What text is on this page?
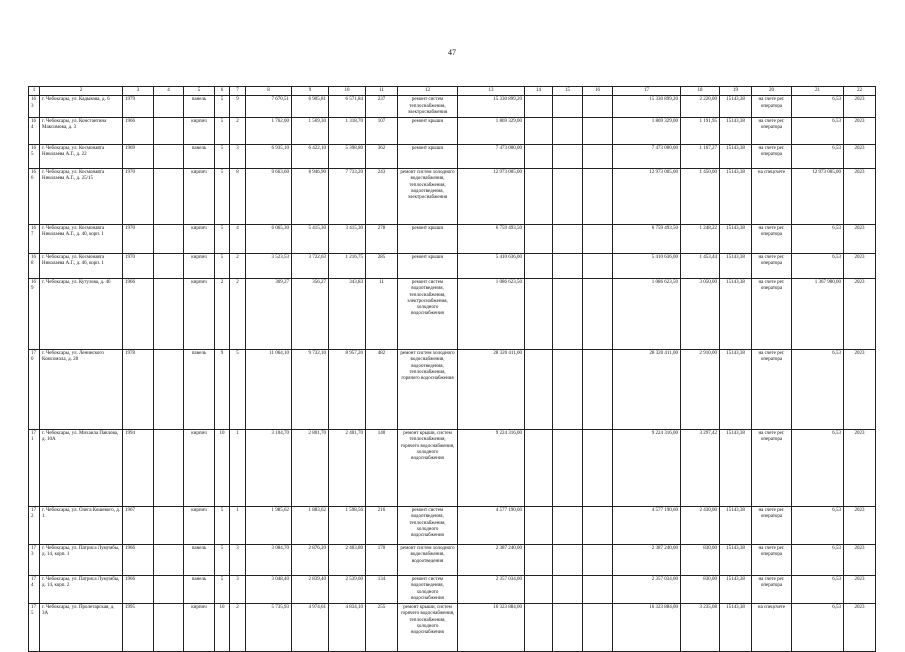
47
1	2	3	4	5	6	7	8	9	10	11	12	13	14	15	16	17	18	19	20	21	22
163	г. Чебоксары, ул. Кадыкова, д. 6	1979		панель	5	9	7 670,51	6 905,81	6 571,84	237	ремонт систем теплоснабжения, электроснабжения	15 330 899,20				15 330 899,20	2 220,00	15143,38	на счете рег. оператора	6,53	2023
164	г. Чебоксары, ул. Константина Максимова, д. 3	1966		кирпич	5	2	1 762,00	1 569,30	1 318,70	107	ремонт крыши	1 869 329,00				1 869 329,00	1 191,95	15143,38	на счете рег. оператора	6,53	2023
165	г. Чебоксары, ул. Космонавта Николаева А.Г., д. 22	1969		панель	5	3	6 935,10	6 422,10	5 398,80	362	ремонт крыши	7 473 000,00				7 473 000,00	1 167,27	15143,38	на счете рег. оператора	6,53	2023
166	г. Чебоксары, ул. Космонавта Николаева А.Г., д. 25/15	1970		кирпич	5	8	9 663,60	8 946,90	7 733,20	243	ремонт систем холодного водоснабжения, теплоснабжения, водоотведения, электроснабжения	12 973 005,00				12 973 005,00	1 450,00	15143,38	на спецсчете	12 973 005,00	2023
167	г. Чебоксары, ул. Космонавта Николаева А.Г., д. 40, корп. 1	1970		кирпич	5	4	6 065,30	5 415,30	3 415,30	278	ремонт крыши	6 759 493,50				6 759 493,50	1 248,22	15143,38	на счете рег. оператора	6,53	2023
168	г. Чебоксары, ул. Космонавта Николаева А.Г., д. 46, корп. 1	1970		кирпич	5	2	3 523,53	3 722,63	1 216,75	285	ремонт крыши	5 410 636,00				5 410 636,00	1 453,44	15143,38	на счете рег. оператора	6,53	2023
169	г. Чебоксары, ул. Кутузова, д. 46	1966		кирпич	2	2	369,27	356,27	343,83	11	ремонт систем водоотведения, теплоснабжения, электроснабжения, холодного водоснабжения	1 086 623,50				1 086 623,50	3 050,00	15143,38	на счете рег. оператора	1 367 900,00	2023
170	г. Чебоксары, ул. Ленинского Комсомола, д. 28	1978		панель	9	5	11 064,10	9 732,10	8 957,20	482	ремонт систем холодного водоснабжения, водоотведения, теплоснабжения, горячего водоснабжения	28 320 411,00				28 320 411,00	2 910,00	15143,38	на счете рег. оператора	6,53	2023
171	г. Чебоксары, ул. Михаила Павлова, д. 10А	1994		кирпич	10	1	3 104,70	2 801,70	2 401,70	140	ремонт крыши, систем теплоснабжения, горячего водоснабжения, холодного водоснабжения	9 224 316,00				9 224 316,00	3 297,42	15143,38	на счете рег. оператора	6,53	2023
172	г. Чебоксары, ул. Олега Кошевого, д. 1	1967		кирпич	5	1	1 985,62	1 883,62	1 598,56	216	ремонт систем водоотведения, теплоснабжения, холодного водоснабжения	4 577 190,60				4 577 190,60	2 430,00	15143,38	на счете рег. оператора	6,53	2023
173	г. Чебоксары, ул. Патриса Лумумбы, д. 14, корп. 1	1966		панель	5	3	3 084,70	2 876,20	2 403,80	170	ремонт систем холодного водоснабжения, водоотведения	2 387 240,00				2 387 240,00	830,00	15143,38	на счете рег. оператора	6,53	2023
174	г. Чебоксары, ул. Патриса Лумумбы, д. 14, корп. 2	1966		панель	5	3	3 048,40	2 839,40	2 539,60	134	ремонт систем водоотведения, холодного водоснабжения	2 357 034,00				2 357 034,00	830,00	15143,38	на счете рег. оператора	6,53	2023
175	г. Чебоксары, ул. Пролетарская, д. 3А	1995		кирпич	10	2	5 735,93	4 974,61	4 834,10	255	ремонт крыши, систем горячего водоснабжения, теплоснабжения, холодного водоснабжения	16 323 884,00				16 323 884,00	3 235,08	15143,38	на спецсчете	6,53	2023
